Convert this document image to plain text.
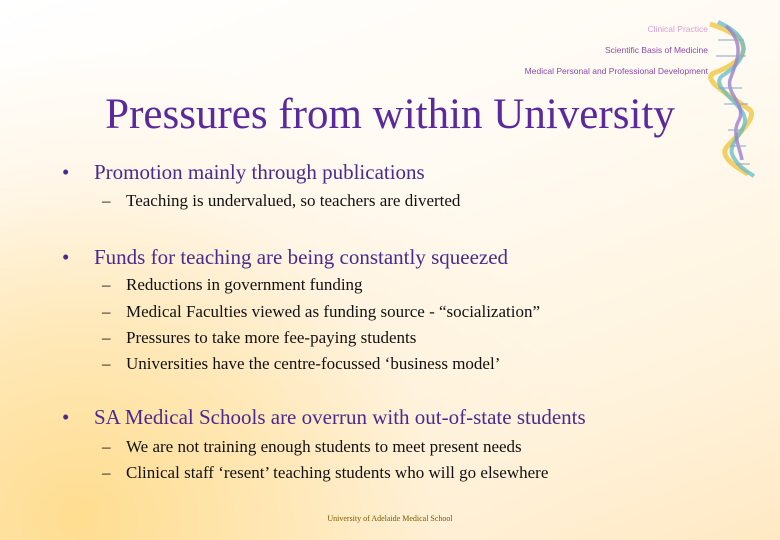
Clinical Practice
Scientific Basis of Medicine
Medical Personal and Professional Development
Pressures from within University
• Promotion mainly through publications
– Teaching is undervalued, so teachers are diverted
• Funds for teaching are being constantly squeezed
– Reductions in government funding
– Medical Faculties viewed as funding source - “socialization”
– Pressures to take more fee-paying students
– Universities have the centre-focussed ‘business model’
• SA Medical Schools are overrun with out-of-state students
– We are not training enough students to meet present needs
– Clinical staff ‘resent’ teaching students who will go elsewhere
University of Adelaide Medical School
